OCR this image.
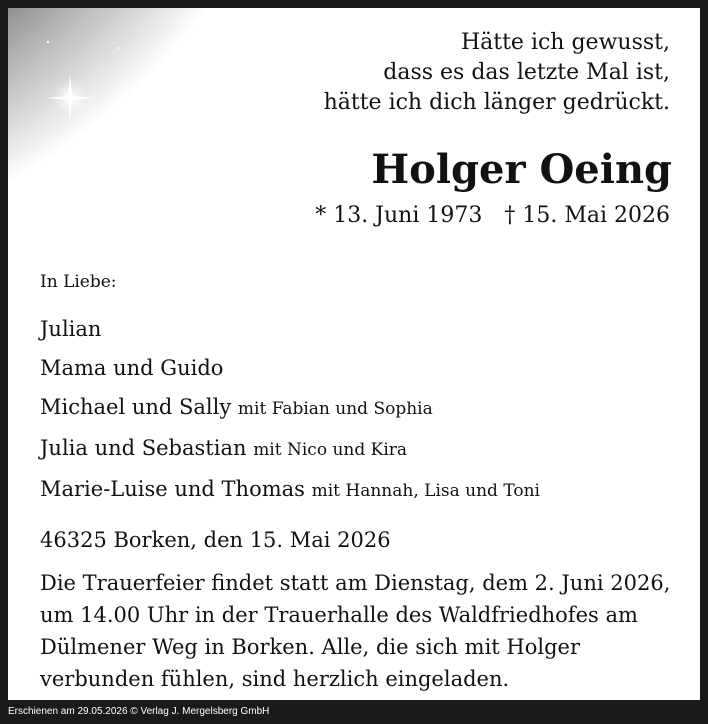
Hätte ich gewusst,
dass es das letzte Mal ist,
hätte ich dich länger gedrückt.
Holger Oeing
* 13. Juni 1973 † 15. Mai 2026
In Liebe:
Julian
Mama und Guido
Michael und Sally mit Fabian und Sophia
Julia und Sebastian mit Nico und Kira
Marie-Luise und Thomas mit Hannah, Lisa und Toni
46325 Borken, den 15. Mai 2026
Die Trauerfeier findet statt am Dienstag, dem 2. Juni 2026,
um 14.00 Uhr in der Trauerhalle des Waldfriedhofes am
Dülmener Weg in Borken. Alle, die sich mit Holger
verbunden fühlen, sind herzlich eingeladen.
Erschienen am 29.05.2026 © Verlag J. Mergelsberg GmbH
